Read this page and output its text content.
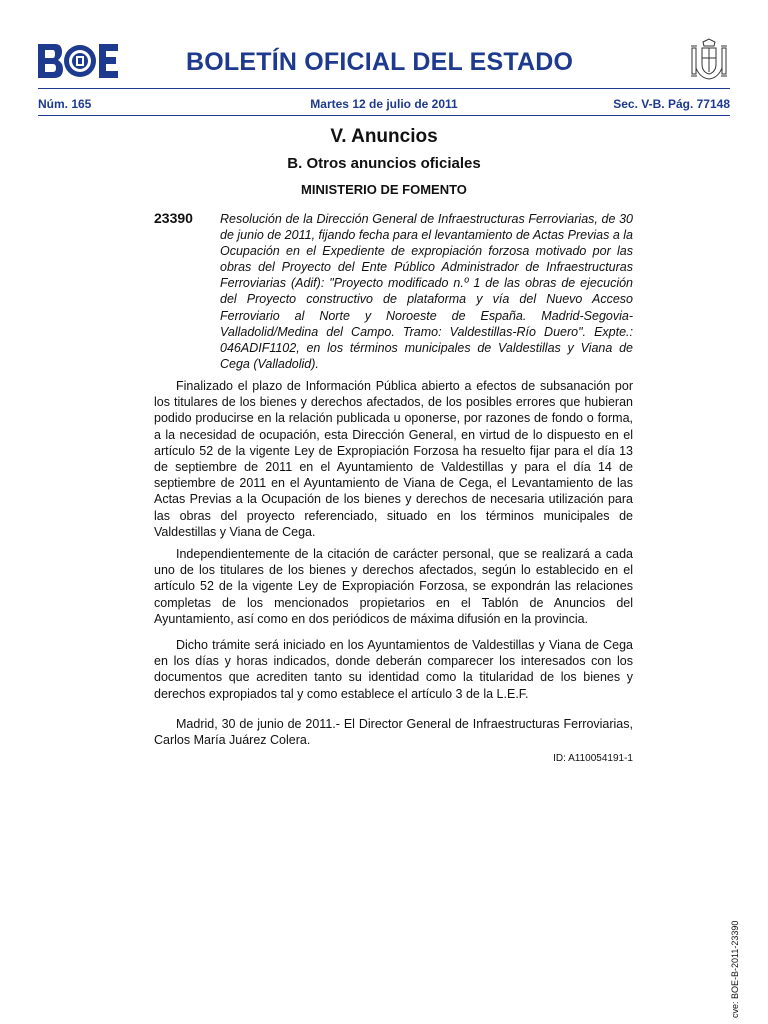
BOLETÍN OFICIAL DEL ESTADO
Núm. 165	Martes 12 de julio de 2011	Sec. V-B. Pág. 77148
V. Anuncios
B. Otros anuncios oficiales
MINISTERIO DE FOMENTO
23390 Resolución de la Dirección General de Infraestructuras Ferroviarias, de 30 de junio de 2011, fijando fecha para el levantamiento de Actas Previas a la Ocupación en el Expediente de expropiación forzosa motivado por las obras del Proyecto del Ente Público Administrador de Infraestructuras Ferroviarias (Adif): "Proyecto modificado n.º 1 de las obras de ejecución del Proyecto constructivo de plataforma y vía del Nuevo Acceso Ferroviario al Norte y Noroeste de España. Madrid-Segovia-Valladolid/Medina del Campo. Tramo: Valdestillas-Río Duero". Expte.: 046ADIF1102, en los términos municipales de Valdestillas y Viana de Cega (Valladolid).

Finalizado el plazo de Información Pública abierto a efectos de subsanación por los titulares de los bienes y derechos afectados, de los posibles errores que hubieran podido producirse en la relación publicada u oponerse, por razones de fondo o forma, a la necesidad de ocupación, esta Dirección General, en virtud de lo dispuesto en el artículo 52 de la vigente Ley de Expropiación Forzosa ha resuelto fijar para el día 13 de septiembre de 2011 en el Ayuntamiento de Valdestillas y para el día 14 de septiembre de 2011 en el Ayuntamiento de Viana de Cega, el Levantamiento de las Actas Previas a la Ocupación de los bienes y derechos de necesaria utilización para las obras del proyecto referenciado, situado en los términos municipales de Valdestillas y Viana de Cega.

Independientemente de la citación de carácter personal, que se realizará a cada uno de los titulares de los bienes y derechos afectados, según lo establecido en el artículo 52 de la vigente Ley de Expropiación Forzosa, se expondrán las relaciones completas de los mencionados propietarios en el Tablón de Anuncios del Ayuntamiento, así como en dos periódicos de máxima difusión en la provincia.

Dicho trámite será iniciado en los Ayuntamientos de Valdestillas y Viana de Cega en los días y horas indicados, donde deberán comparecer los interesados con los documentos que acrediten tanto su identidad como la titularidad de los bienes y derechos expropiados tal y como establece el artículo 3 de la L.E.F.

Madrid, 30 de junio de 2011.- El Director General de Infraestructuras Ferroviarias, Carlos María Juárez Colera.

ID: A110054191-1
cve: BOE-B-2011-23390
